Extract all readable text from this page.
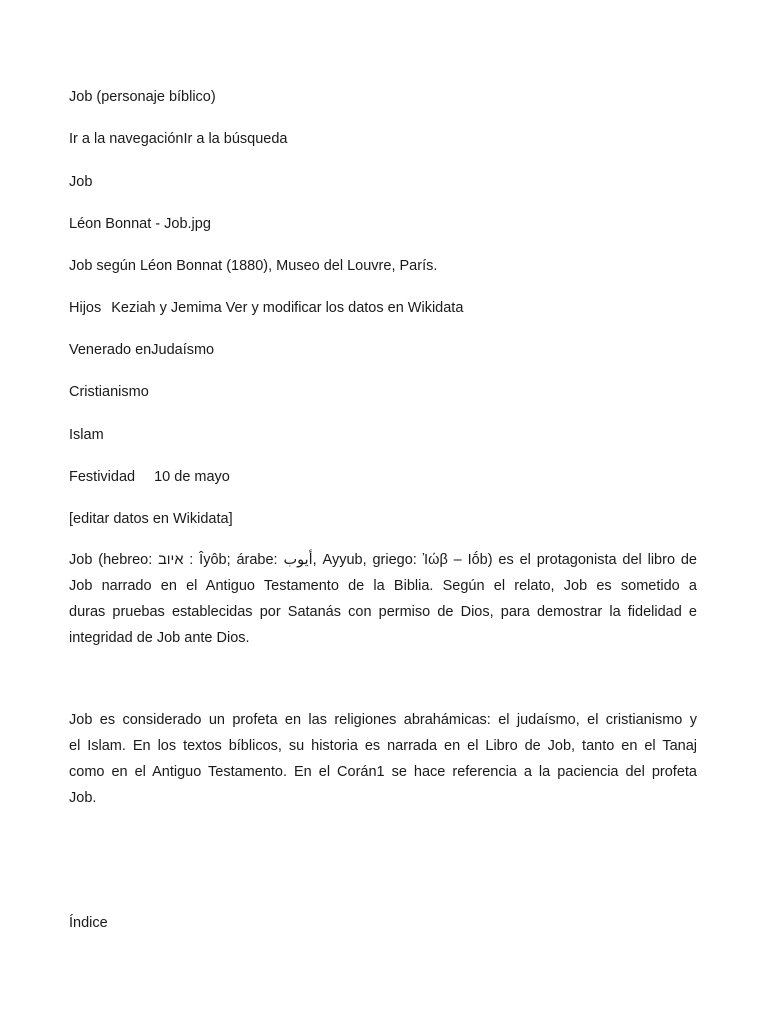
Job (personaje bíblico)
Ir a la navegaciónIr a la búsqueda
Job
Léon Bonnat - Job.jpg
Job según Léon Bonnat (1880), Museo del Louvre, París.
Hijos Keziah y Jemima Ver y modificar los datos en Wikidata
Venerado enJudaísmo
Cristianismo
Islam
Festividad 10 de mayo
[editar datos en Wikidata]

Job (hebreo: איוב : Îyôb; árabe: أيوب, Ayyub, griego: Ἰώβ – Iṓb) es el protagonista del libro de
Job narrado en el Antiguo Testamento de la Biblia. Según el relato, Job es sometido a
duras pruebas establecidas por Satanás con permiso de Dios, para demostrar la fidelidad e
integridad de Job ante Dios.

Job es considerado un profeta en las religiones abrahámicas: el judaísmo, el cristianismo y
el Islam. En los textos bíblicos, su historia es narrada en el Libro de Job, tanto en el Tanaj
como en el Antiguo Testamento. En el Corán1 se hace referencia a la paciencia del profeta
Job.

Índice
